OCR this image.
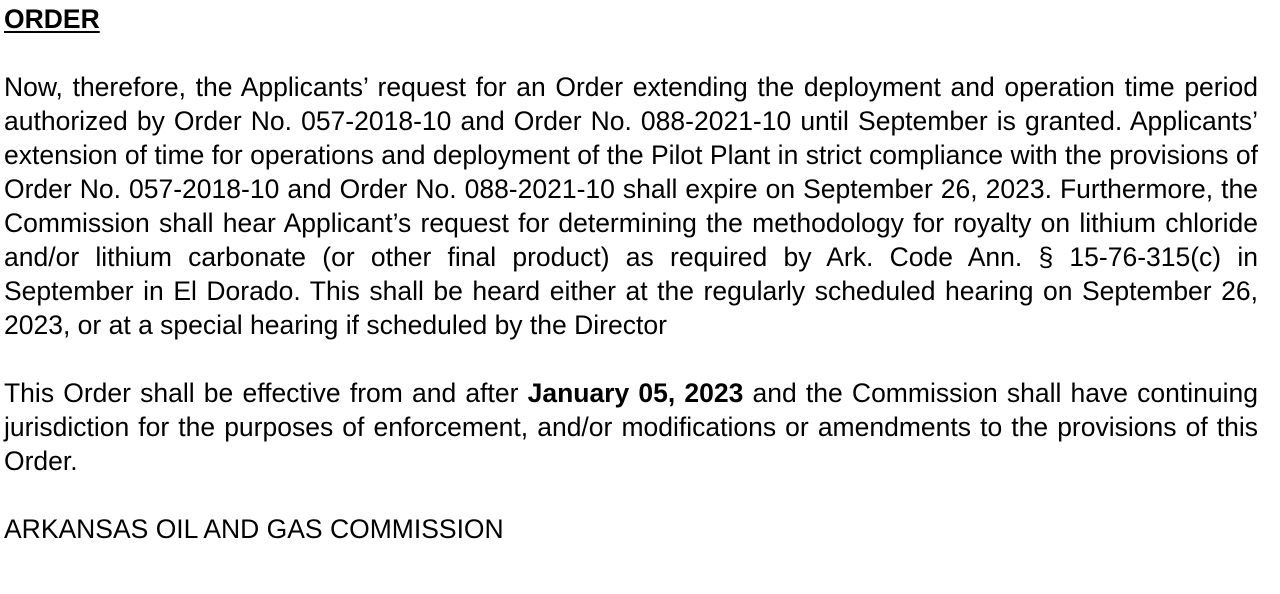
ORDER

Now, therefore, the Applicants’ request for an Order extending the deployment and operation time period authorized by Order No. 057-2018-10 and Order No. 088-2021-10 until September is granted. Applicants’ extension of time for operations and deployment of the Pilot Plant in strict compliance with the provisions of Order No. 057-2018-10 and Order No. 088-2021-10 shall expire on September 26, 2023. Furthermore, the Commission shall hear Applicant’s request for determining the methodology for royalty on lithium chloride and/or lithium carbonate (or other final product) as required by Ark. Code Ann. § 15-76-315(c) in September in El Dorado. This shall be heard either at the regularly scheduled hearing on September 26, 2023, or at a special hearing if scheduled by the Director

This Order shall be effective from and after January 05, 2023 and the Commission shall have continuing jurisdiction for the purposes of enforcement, and/or modifications or amendments to the provisions of this Order.

ARKANSAS OIL AND GAS COMMISSION
